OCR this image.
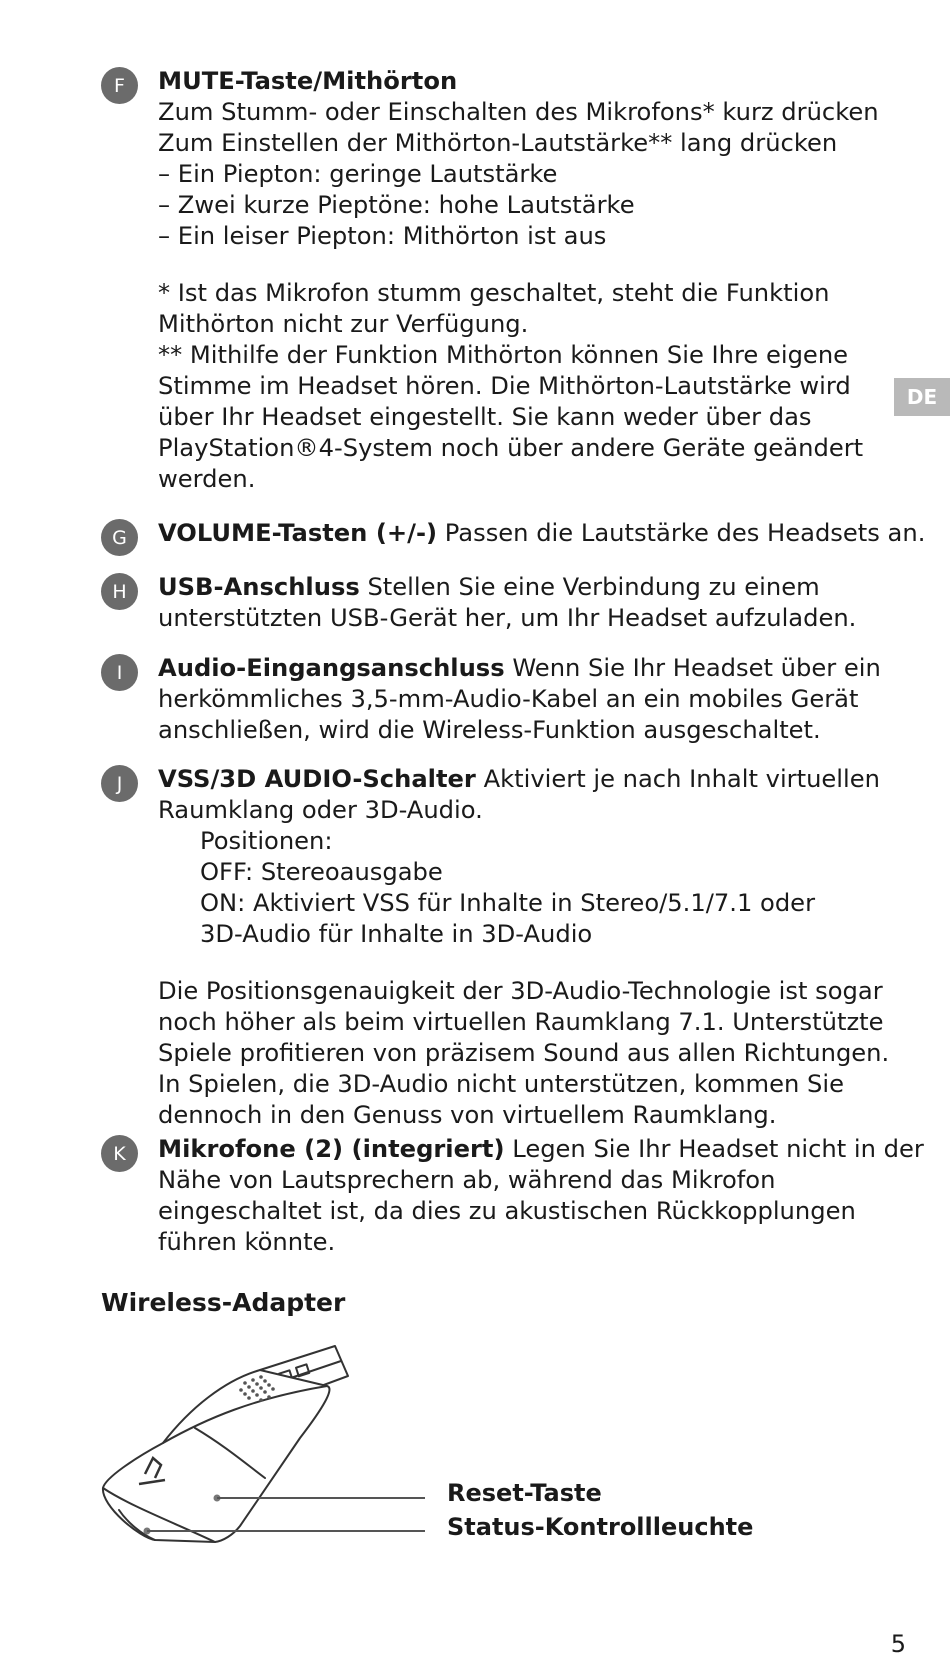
DE
F	MUTE-Taste/Mithörton
Zum Stumm- oder Einschalten des Mikrofons* kurz drücken
Zum Einstellen der Mithörton-Lautstärke** lang drücken
– Ein Piepton: geringe Lautstärke
– Zwei kurze Pieptöne: hohe Lautstärke
– Ein leiser Piepton: Mithörton ist aus
* Ist das Mikrofon stumm geschaltet, steht die Funktion
Mithörton nicht zur Verfügung.
** Mithilfe der Funktion Mithörton können Sie Ihre eigene
Stimme im Headset hören. Die Mithörton-Lautstärke wird
über Ihr Headset eingestellt. Sie kann weder über das
PlayStation®4-System noch über andere Geräte geändert
werden.
G	VOLUME-Tasten (+/-) Passen die Lautstärke des Headsets an.
H	USB-Anschluss Stellen Sie eine Verbindung zu einem
unterstützten USB-Gerät her, um Ihr Headset aufzuladen.
I	Audio-Eingangsanschluss Wenn Sie Ihr Headset über ein
herkömmliches 3,5-mm-Audio-Kabel an ein mobiles Gerät
anschließen, wird die Wireless-Funktion ausgeschaltet.
J	VSS/3D AUDIO-Schalter Aktiviert je nach Inhalt virtuellen
Raumklang oder 3D-Audio.
Positionen:
OFF: Stereoausgabe
ON: Aktiviert VSS für Inhalte in Stereo/5.1/7.1 oder
3D-Audio für Inhalte in 3D-Audio
Die Positionsgenauigkeit der 3D-Audio-Technologie ist sogar
noch höher als beim virtuellen Raumklang 7.1. Unterstützte
Spiele profitieren von präzisem Sound aus allen Richtungen.
In Spielen, die 3D-Audio nicht unterstützen, kommen Sie
dennoch in den Genuss von virtuellem Raumklang.
K	Mikrofone (2) (integriert) Legen Sie Ihr Headset nicht in der
Nähe von Lautsprechern ab, während das Mikrofon
eingeschaltet ist, da dies zu akustischen Rückkopplungen
führen könnte.
Wireless-Adapter
Reset-Taste
Status-Kontrollleuchte
5
